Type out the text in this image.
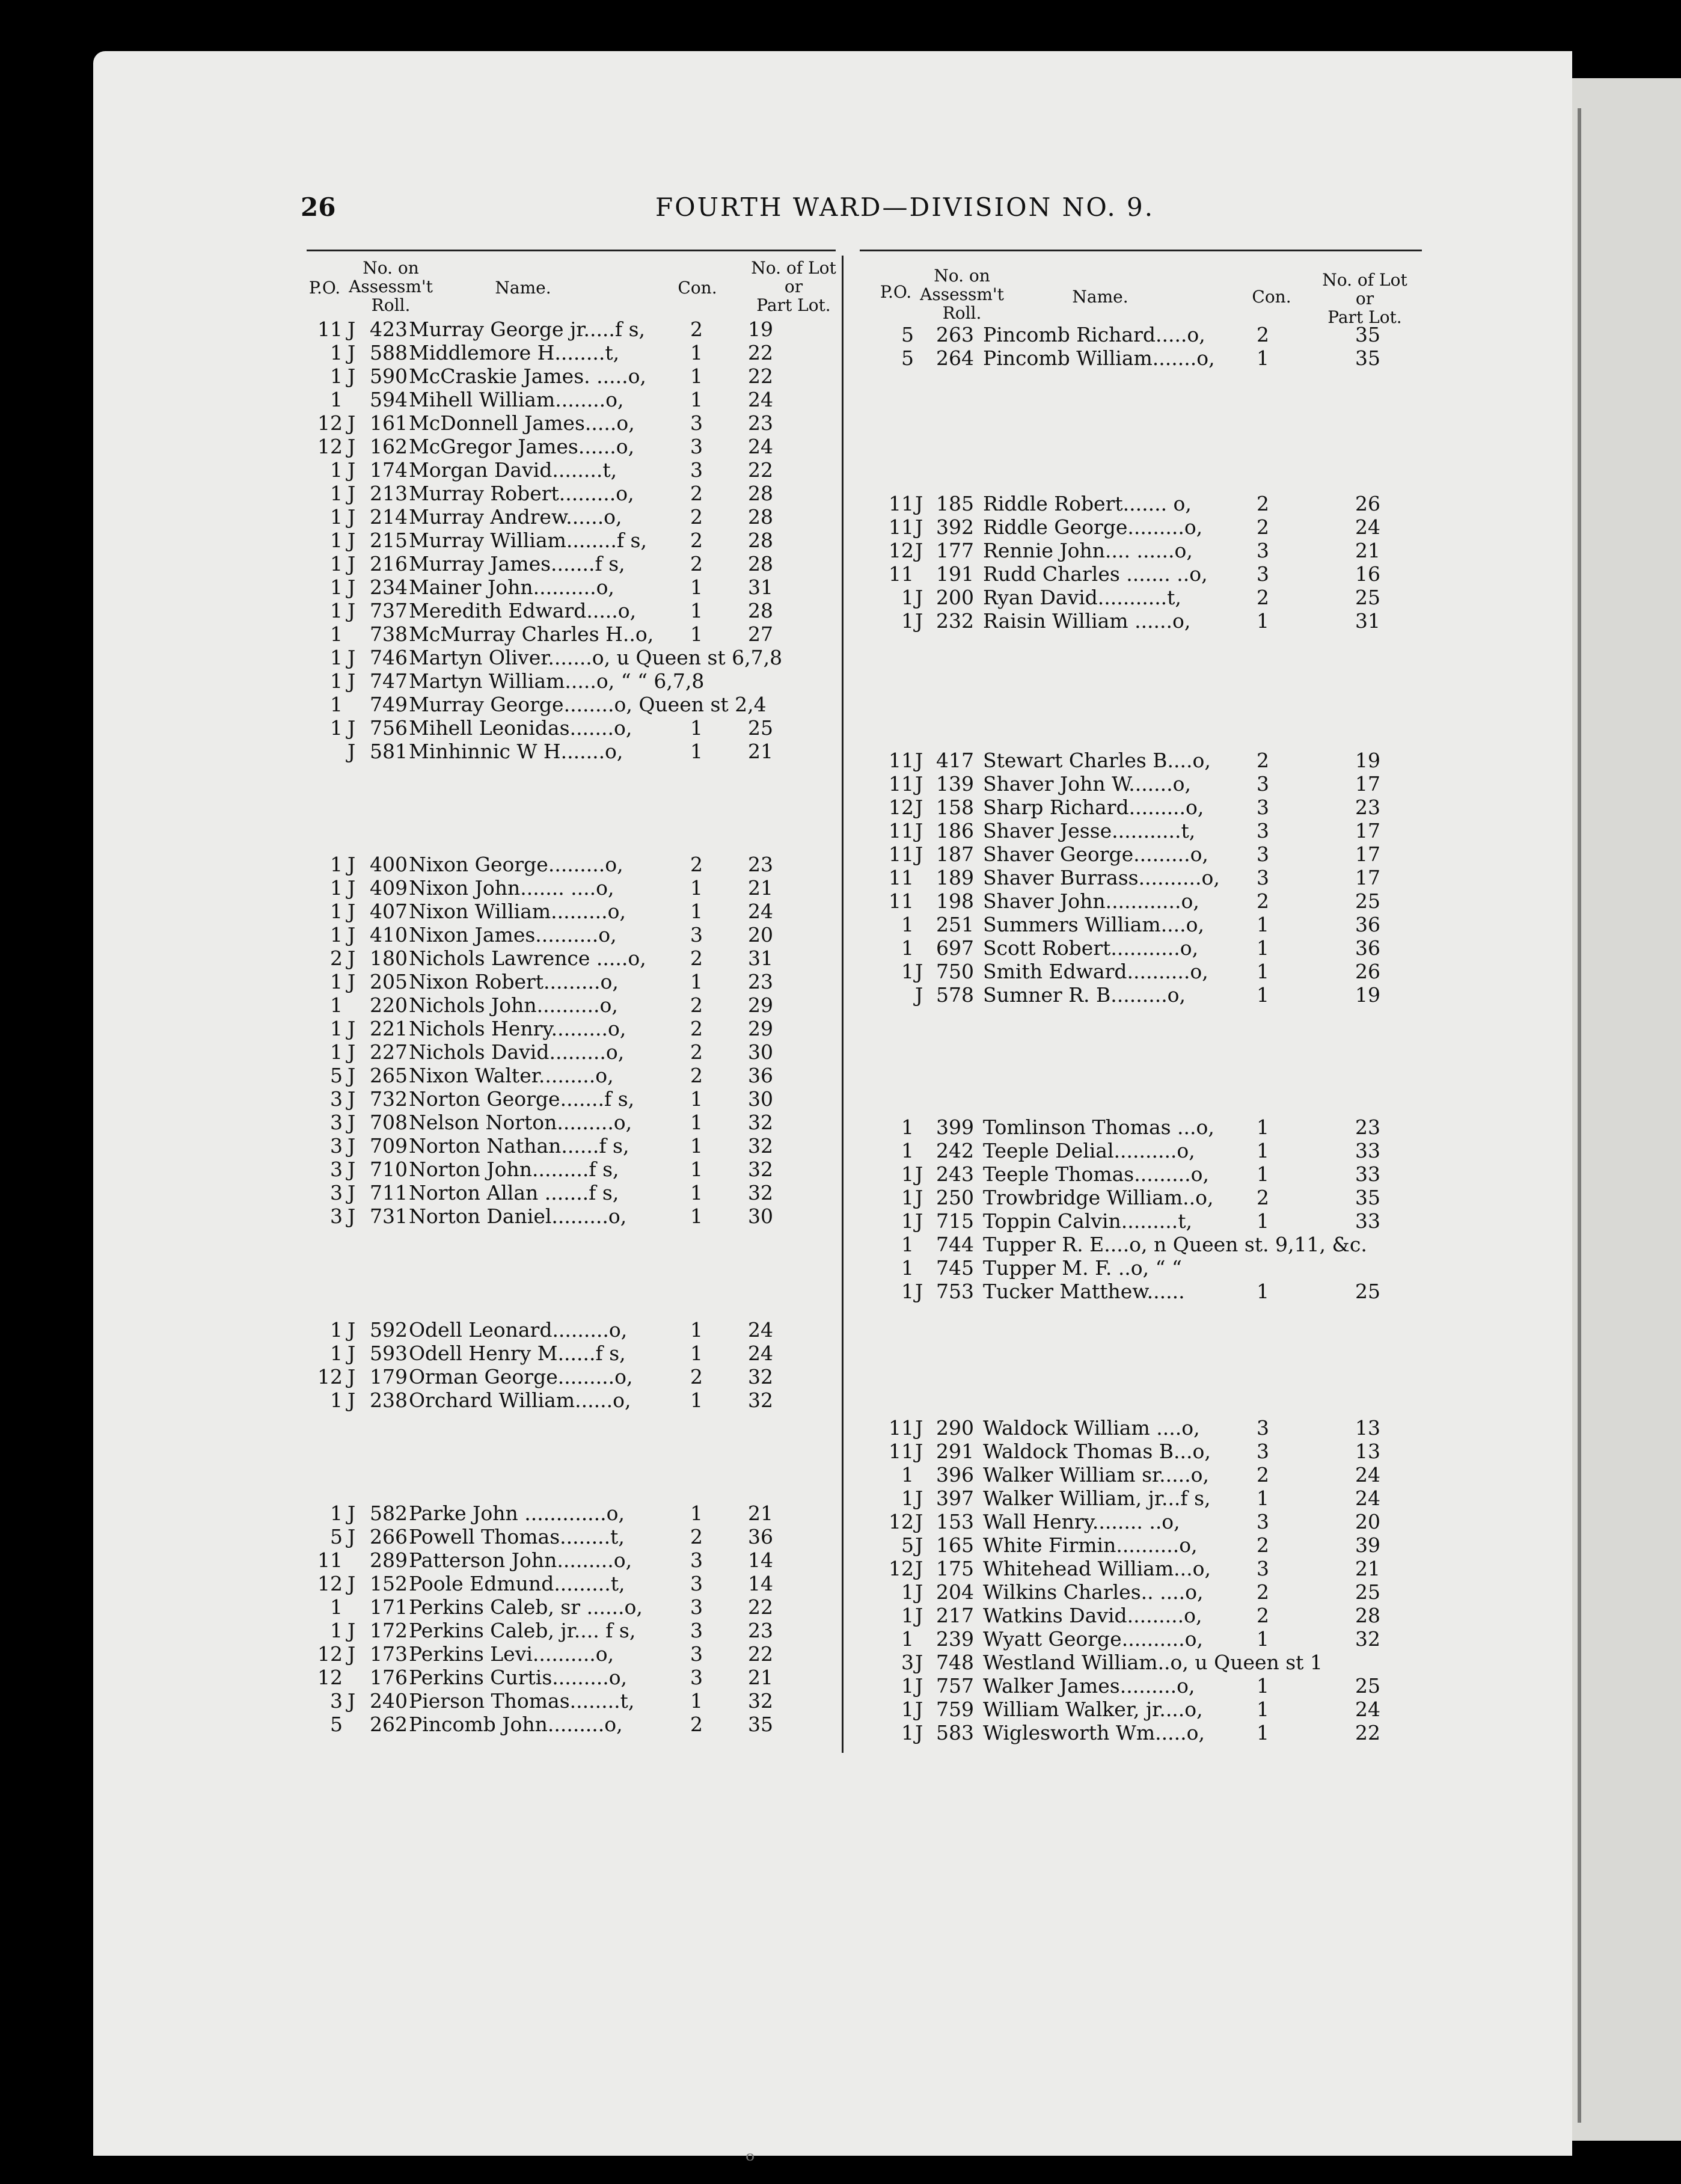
26	FOURTH WARD—DIVISION NO. 9.
P.O.
No. on
Assessm't
Roll.
Name.	Con.
No. of Lot
or
Part Lot.
P.O.
No. on
Assessm't
Roll.
Name.	Con.
No. of Lot
or
Part Lot.
11 J 423 Murray George jr.....f s, 2	19
1 J 588 Middlemore H........t,	1	22
1 J 590 McCraskie James. .....o, 1	22
1 594 Mihell William........o,	1	24
12 J 161 McDonnell James.....o,	3	23
12 J 162 McGregor James......o,	3	24
1 J 174 Morgan David........t,	3	22
1 J 213 Murray Robert.........o,	2	28
1 J 214 Murray Andrew......o,	2	28
1 J 215 Murray William........f s, 2	28
1 J 216 Murray James.......f s,	2	28
1 J 234 Mainer John..........o,	1	31
1 J 737 Meredith Edward.....o,	1	28
1 738 McMurray Charles H..o, 1	27
1 J 746 Martyn Oliver.......o, u Queen st 6,7,8
1 J 747 Martyn William.....o, “ “ 6,7,8
1 749 Murray George........o, Queen st 2,4
1 J 756 Mihell Leonidas.......o,	1	25
J 581 Minhinnic W H.......o,	1	21
1 J 400 Nixon George.........o,	2	23
1 J 409 Nixon John....... ....o,	1	21
1 J 407 Nixon William.........o,	1	24
1 J 410 Nixon James..........o,	3	20
2 J 180 Nichols Lawrence .....o, 2	31
1 J 205 Nixon Robert.........o,	1	23
1 220 Nichols John..........o,	2	29
1 J 221 Nichols Henry.........o,	2	29
1 J 227 Nichols David.........o,	2	30
5 J 265 Nixon Walter.........o,	2	36
3 J 732 Norton George.......f s,	1	30
3 J 708 Nelson Norton.........o,	1	32
3 J 709 Norton Nathan......f s,	1	32
3 J 710 Norton John.........f s,	1	32
3 J 711 Norton Allan .......f s,	1	32
3 J 731 Norton Daniel.........o,	1	30
1 J 592 Odell Leonard.........o,	1	24
1 J 593 Odell Henry M......f s,	1	24
12 J 179 Orman George.........o,	2	32
1 J 238 Orchard William......o,	1	32
1 J 582 Parke John .............o,	1	21
5 J 266 Powell Thomas........t,	2	36
11 289 Patterson John.........o,	3	14
12 J 152 Poole Edmund.........t,	3	14
1 171 Perkins Caleb, sr ......o, 3	22
1 J 172 Perkins Caleb, jr.... f s,	3	23
12 J 173 Perkins Levi..........o,	3	22
12 176 Perkins Curtis.........o,	3	21
3 J 240 Pierson Thomas........t,	1	32
5 262 Pincomb John.........o,	2	35
5 263 Pincomb Richard.....o,	2	35
5 264 Pincomb William.......o, 1	35
11 J 185 Riddle Robert....... o,	2	26
11 J 392 Riddle George.........o,	2	24
12 J 177 Rennie John.... ......o,	3	21
11 191 Rudd Charles ....... ..o, 3	16
1 J 200 Ryan David...........t,	2	25
1 J 232 Raisin William ......o,	1	31
11 J 417 Stewart Charles B....o, 2	19
11 J 139 Shaver John W.......o,	3	17
12 J 158 Sharp Richard.........o,	3	23
11 J 186 Shaver Jesse...........t,	3	17
11 J 187 Shaver George.........o, 3	17
11 189 Shaver Burrass..........o, 3	17
11 198 Shaver John............o,	2	25
1 251 Summers William....o,	1	36
1 697 Scott Robert...........o,	1	36
1 J 750 Smith Edward..........o, 1	26
J 578 Sumner R. B.........o,	1	19
1 399 Tomlinson Thomas ...o, 1	23
1 242 Teeple Delial..........o,	1	33
1 J 243 Teeple Thomas.........o, 1	33
1 J 250 Trowbridge William..o, 2	35
1 J 715 Toppin Calvin.........t,	1	33
1 744 Tupper R. E....o, n Queen st. 9,11, &c.
1 745 Tupper M. F. ..o, “ “
1 J 753 Tucker Matthew......	1	25
11 J 290 Waldock William ....o,	3	13
11 J 291 Waldock Thomas B...o, 3	13
1 396 Walker William sr.....o, 2	24
1 J 397 Walker William, jr...f s, 1	24
12 J 153 Wall Henry........ ..o,	3	20
5 J 165 White Firmin..........o,	2	39
12 J 175 Whitehead William...o, 3	21
1 J 204 Wilkins Charles.. ....o,	2	25
1 J 217 Watkins David.........o,	2	28
1 239 Wyatt George..........o,	1	32
3 J 748 Westland William..o, u Queen st 1
1 J 757 Walker James.........o,	1	25
1 J 759 William Walker, jr....o,	1	24
1 J 583 Wiglesworth Wm.....o,	1	22
ᵒ
